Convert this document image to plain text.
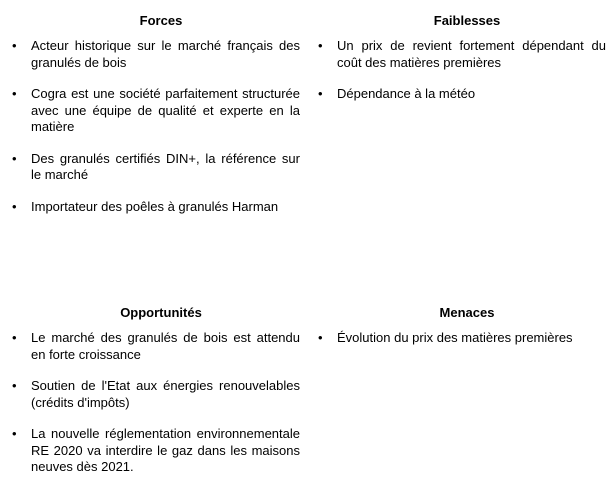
Forces
• Acteur historique sur le marché français des granulés de bois
• Cogra est une société parfaitement structurée avec une équipe de qualité et experte en la matière
• Des granulés certifiés DIN+, la référence sur le marché
• Importateur des poêles à granulés Harman
Faiblesses
• Un prix de revient fortement dépendant du coût des matières premières
• Dépendance à la météo
Opportunités
• Le marché des granulés de bois est attendu en forte croissance
• Soutien de l'Etat aux énergies renouvelables (crédits d'impôts)
• La nouvelle réglementation environnementale RE 2020 va interdire le gaz dans les maisons neuves dès 2021.
Menaces
• Évolution du prix des matières premières
